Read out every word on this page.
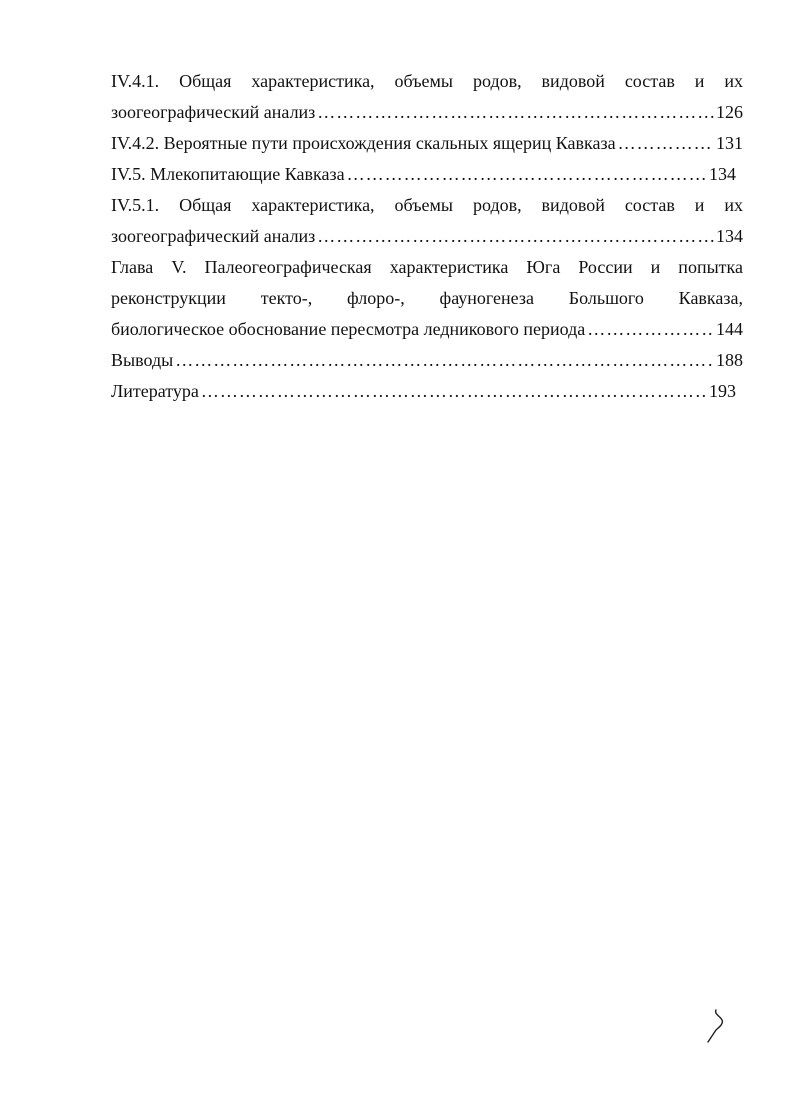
IV.4.1. Общая характеристика, объемы родов, видовой состав и их
зоогеографический анализ ……………………………………………………………………………………………………………………………………………………	126
IV.4.2. Вероятные пути происхождения скальных ящериц Кавказа ……………………………………………………………………………………………………………………………………………………	131
IV.5. Млекопитающие Кавказа ……………………………………………………………………………………………………………………………………………………	134
IV.5.1. Общая характеристика, объемы родов, видовой состав и их
зоогеографический анализ ……………………………………………………………………………………………………………………………………………………	134
Глава V. Палеогеографическая характеристика Юга России и попытка
реконструкции текто-, флоро-, фауногенеза Большого Кавказа,
биологическое обоснование пересмотра ледникового периода ……………………………………………………………………………………………………………………………………………………	144
Выводы ……………………………………………………………………………………………………………………………………………………	188
Литература ……………………………………………………………………………………………………………………………………………………	193
